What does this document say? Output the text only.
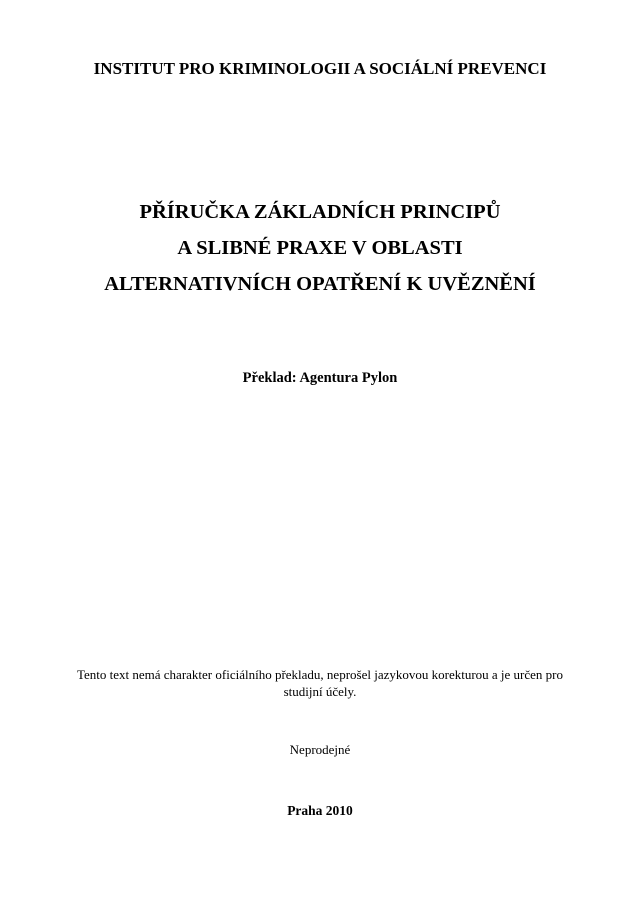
INSTITUT PRO KRIMINOLOGII A SOCIÁLNÍ PREVENCI

PŘÍRUČKA ZÁKLADNÍCH PRINCIPŮ

A SLIBNÉ PRAXE V OBLASTI

ALTERNATIVNÍCH OPATŘENÍ K UVĚZNĚNÍ

Překlad: Agentura Pylon

Tento text nemá charakter oficiálního překladu, neprošel jazykovou korekturou a je určen pro
studijní účely.

Neprodejné

Praha 2010
